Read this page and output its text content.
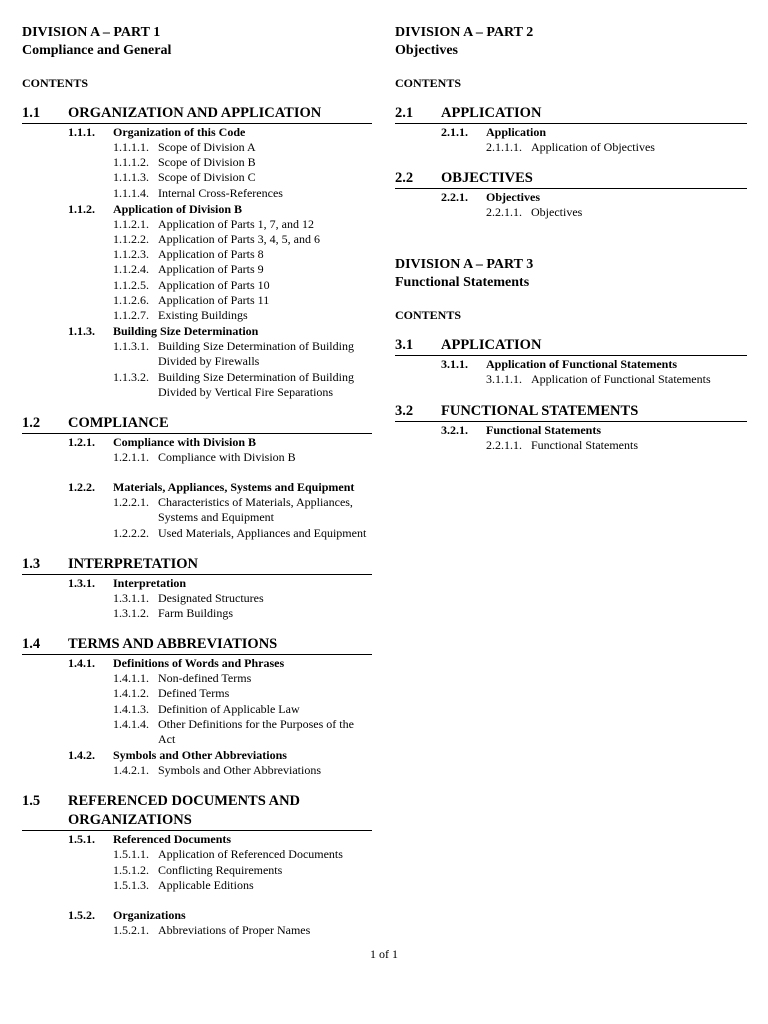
DIVISION A – PART 1
Compliance and General
CONTENTS
1.1	ORGANIZATION AND APPLICATION
1.1.1.	Organization of this Code
1.1.1.1. Scope of Division A
1.1.1.2. Scope of Division B
1.1.1.3. Scope of Division C
1.1.1.4. Internal Cross-References
1.1.2.	Application of Division B
1.1.2.1. Application of Parts 1, 7, and 12
1.1.2.2. Application of Parts 3, 4, 5, and 6
1.1.2.3. Application of Parts 8
1.1.2.4. Application of Parts 9
1.1.2.5. Application of Parts 10
1.1.2.6. Application of Parts 11
1.1.2.7. Existing Buildings
1.1.3.	Building Size Determination
1.1.3.1. Building Size Determination of Building Divided by Firewalls
1.1.3.2. Building Size Determination of Building Divided by Vertical Fire Separations
1.2	COMPLIANCE
1.2.1.	Compliance with Division B
1.2.1.1. Compliance with Division B
1.2.2.	Materials, Appliances, Systems and Equipment
1.2.2.1. Characteristics of Materials, Appliances, Systems and Equipment
1.2.2.2. Used Materials, Appliances and Equipment
1.3	INTERPRETATION
1.3.1.	Interpretation
1.3.1.1. Designated Structures
1.3.1.2. Farm Buildings
1.4	TERMS AND ABBREVIATIONS
1.4.1.	Definitions of Words and Phrases
1.4.1.1. Non-defined Terms
1.4.1.2. Defined Terms
1.4.1.3. Definition of Applicable Law
1.4.1.4. Other Definitions for the Purposes of the Act
1.4.2.	Symbols and Other Abbreviations
1.4.2.1. Symbols and Other Abbreviations
1.5	REFERENCED DOCUMENTS AND ORGANIZATIONS
1.5.1.	Referenced Documents
1.5.1.1. Application of Referenced Documents
1.5.1.2. Conflicting Requirements
1.5.1.3. Applicable Editions
1.5.2.	Organizations
1.5.2.1. Abbreviations of Proper Names
DIVISION A – PART 2
Objectives
CONTENTS
2.1	APPLICATION
2.1.1.	Application
2.1.1.1. Application of Objectives
2.2	OBJECTIVES
2.2.1.	Objectives
2.2.1.1. Objectives
DIVISION A – PART 3
Functional Statements
CONTENTS
3.1	APPLICATION
3.1.1.	Application of Functional Statements
3.1.1.1. Application of Functional Statements
3.2	FUNCTIONAL STATEMENTS
3.2.1.	Functional Statements
2.2.1.1. Functional Statements
1 of 1
